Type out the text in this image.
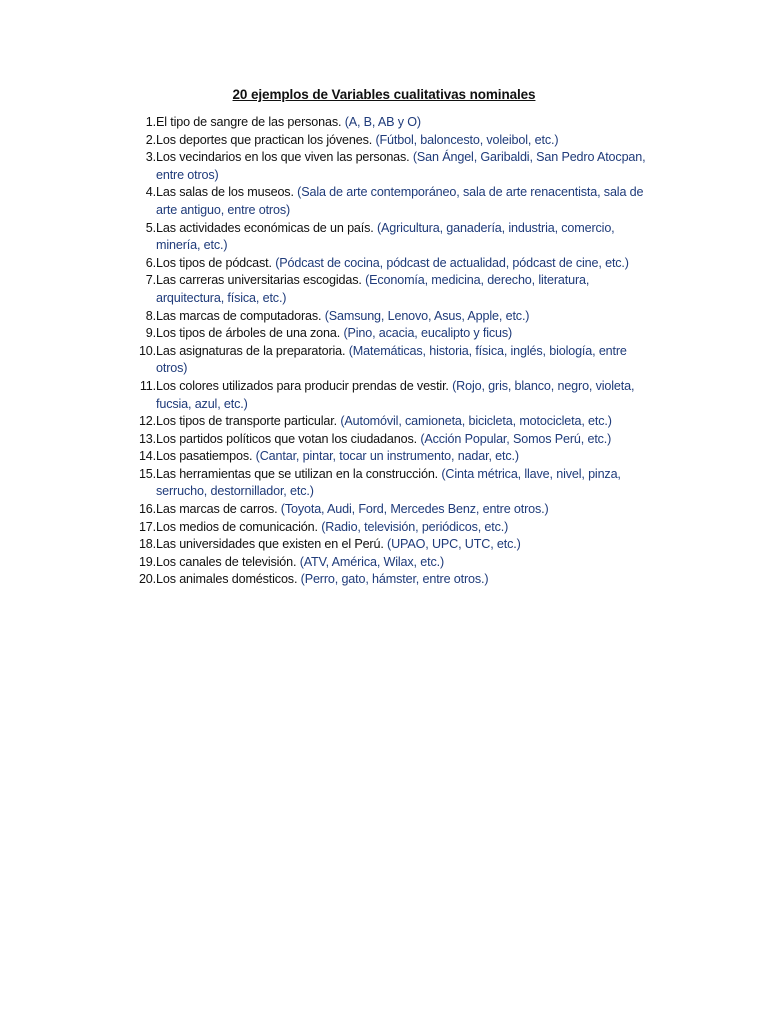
20 ejemplos de Variables cualitativas nominales
1. El tipo de sangre de las personas. (A, B, AB y O)
2. Los deportes que practican los jóvenes. (Fútbol, baloncesto, voleibol, etc.)
3. Los vecindarios en los que viven las personas. (San Ángel, Garibaldi, San Pedro Atocpan, entre otros)
4. Las salas de los museos. (Sala de arte contemporáneo, sala de arte renacentista, sala de arte antiguo, entre otros)
5. Las actividades económicas de un país. (Agricultura, ganadería, industria, comercio, minería, etc.)
6. Los tipos de pódcast. (Pódcast de cocina, pódcast de actualidad, pódcast de cine, etc.)
7. Las carreras universitarias escogidas. (Economía, medicina, derecho, literatura, arquitectura, física, etc.)
8. Las marcas de computadoras. (Samsung, Lenovo, Asus, Apple, etc.)
9. Los tipos de árboles de una zona. (Pino, acacia, eucalipto y ficus)
10. Las asignaturas de la preparatoria. (Matemáticas, historia, física, inglés, biología, entre otros)
11. Los colores utilizados para producir prendas de vestir. (Rojo, gris, blanco, negro, violeta, fucsia, azul, etc.)
12. Los tipos de transporte particular. (Automóvil, camioneta, bicicleta, motocicleta, etc.)
13. Los partidos políticos que votan los ciudadanos. (Acción Popular, Somos Perú, etc.)
14. Los pasatiempos. (Cantar, pintar, tocar un instrumento, nadar, etc.)
15. Las herramientas que se utilizan en la construcción. (Cinta métrica, llave, nivel, pinza, serrucho, destornillador, etc.)
16. Las marcas de carros. (Toyota, Audi, Ford, Mercedes Benz, entre otros.)
17. Los medios de comunicación. (Radio, televisión, periódicos, etc.)
18. Las universidades que existen en el Perú. (UPAO, UPC, UTC, etc.)
19. Los canales de televisión. (ATV, América, Wilax, etc.)
20. Los animales domésticos. (Perro, gato, hámster, entre otros.)
